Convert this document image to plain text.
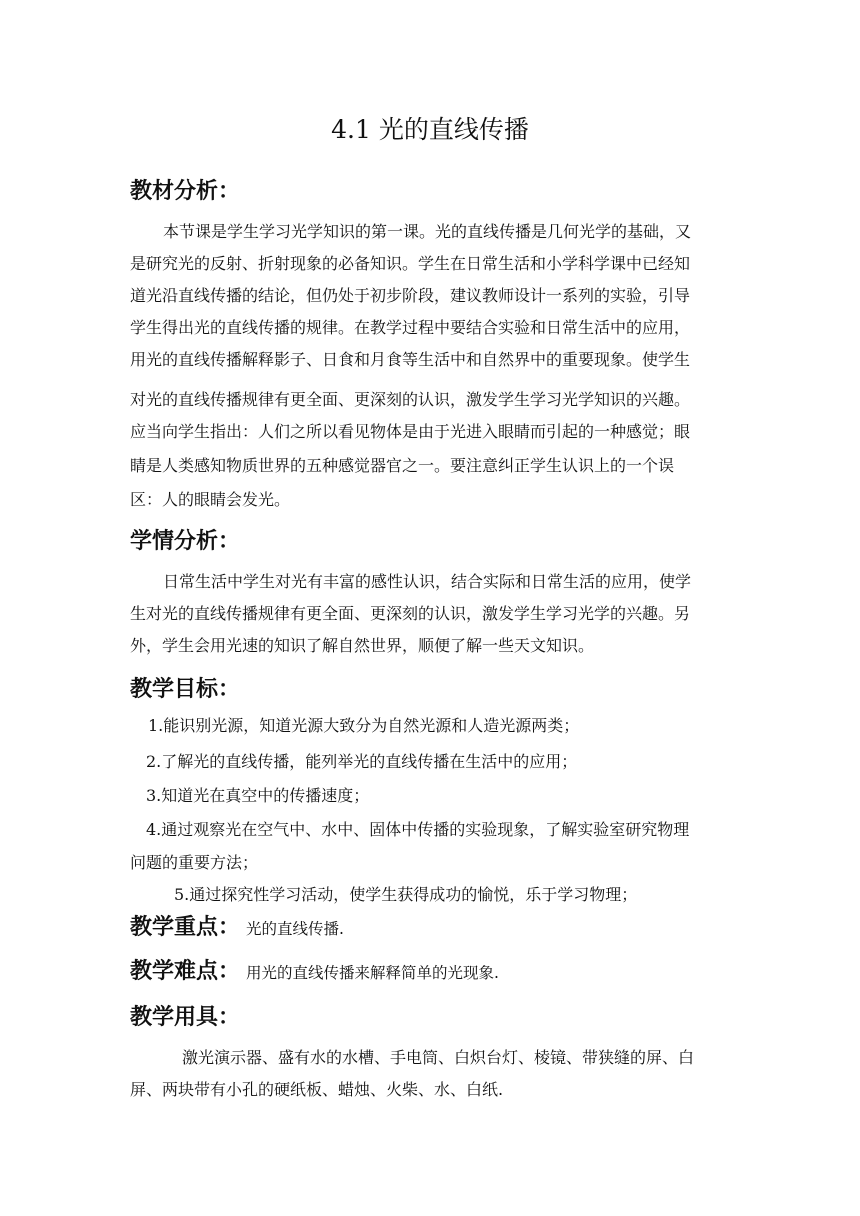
4.1 光的直线传播
教材分析：
本节课是学生学习光学知识的第一课。光的直线传播是几何光学的基础，又
是研究光的反射、折射现象的必备知识。学生在日常生活和小学科学课中已经知
道光沿直线传播的结论，但仍处于初步阶段，建议教师设计一系列的实验，引导
学生得出光的直线传播的规律。在教学过程中要结合实验和日常生活中的应用，
用光的直线传播解释影子、日食和月食等生活中和自然界中的重要现象。使学生
对光的直线传播规律有更全面、更深刻的认识，激发学生学习光学知识的兴趣。
应当向学生指出：人们之所以看见物体是由于光进入眼睛而引起的一种感觉；眼
睛是人类感知物质世界的五种感觉器官之一。要注意纠正学生认识上的一个误
区：人的眼睛会发光。
学情分析：
日常生活中学生对光有丰富的感性认识，结合实际和日常生活的应用，使学
生对光的直线传播规律有更全面、更深刻的认识，激发学生学习光学的兴趣。另
外，学生会用光速的知识了解自然世界，顺便了解一些天文知识。
教学目标：
1.能识别光源，知道光源大致分为自然光源和人造光源两类；
2.了解光的直线传播，能列举光的直线传播在生活中的应用；
3.知道光在真空中的传播速度；
4.通过观察光在空气中、水中、固体中传播的实验现象，了解实验室研究物理
问题的重要方法；
5.通过探究性学习活动，使学生获得成功的愉悦，乐于学习物理；
教学重点： 光的直线传播.
教学难点： 用光的直线传播来解释简单的光现象.
教学用具：
激光演示器、盛有水的水槽、手电筒、白炽台灯、棱镜、带狭缝的屏、白
屏、两块带有小孔的硬纸板、蜡烛、火柴、水、白纸.
